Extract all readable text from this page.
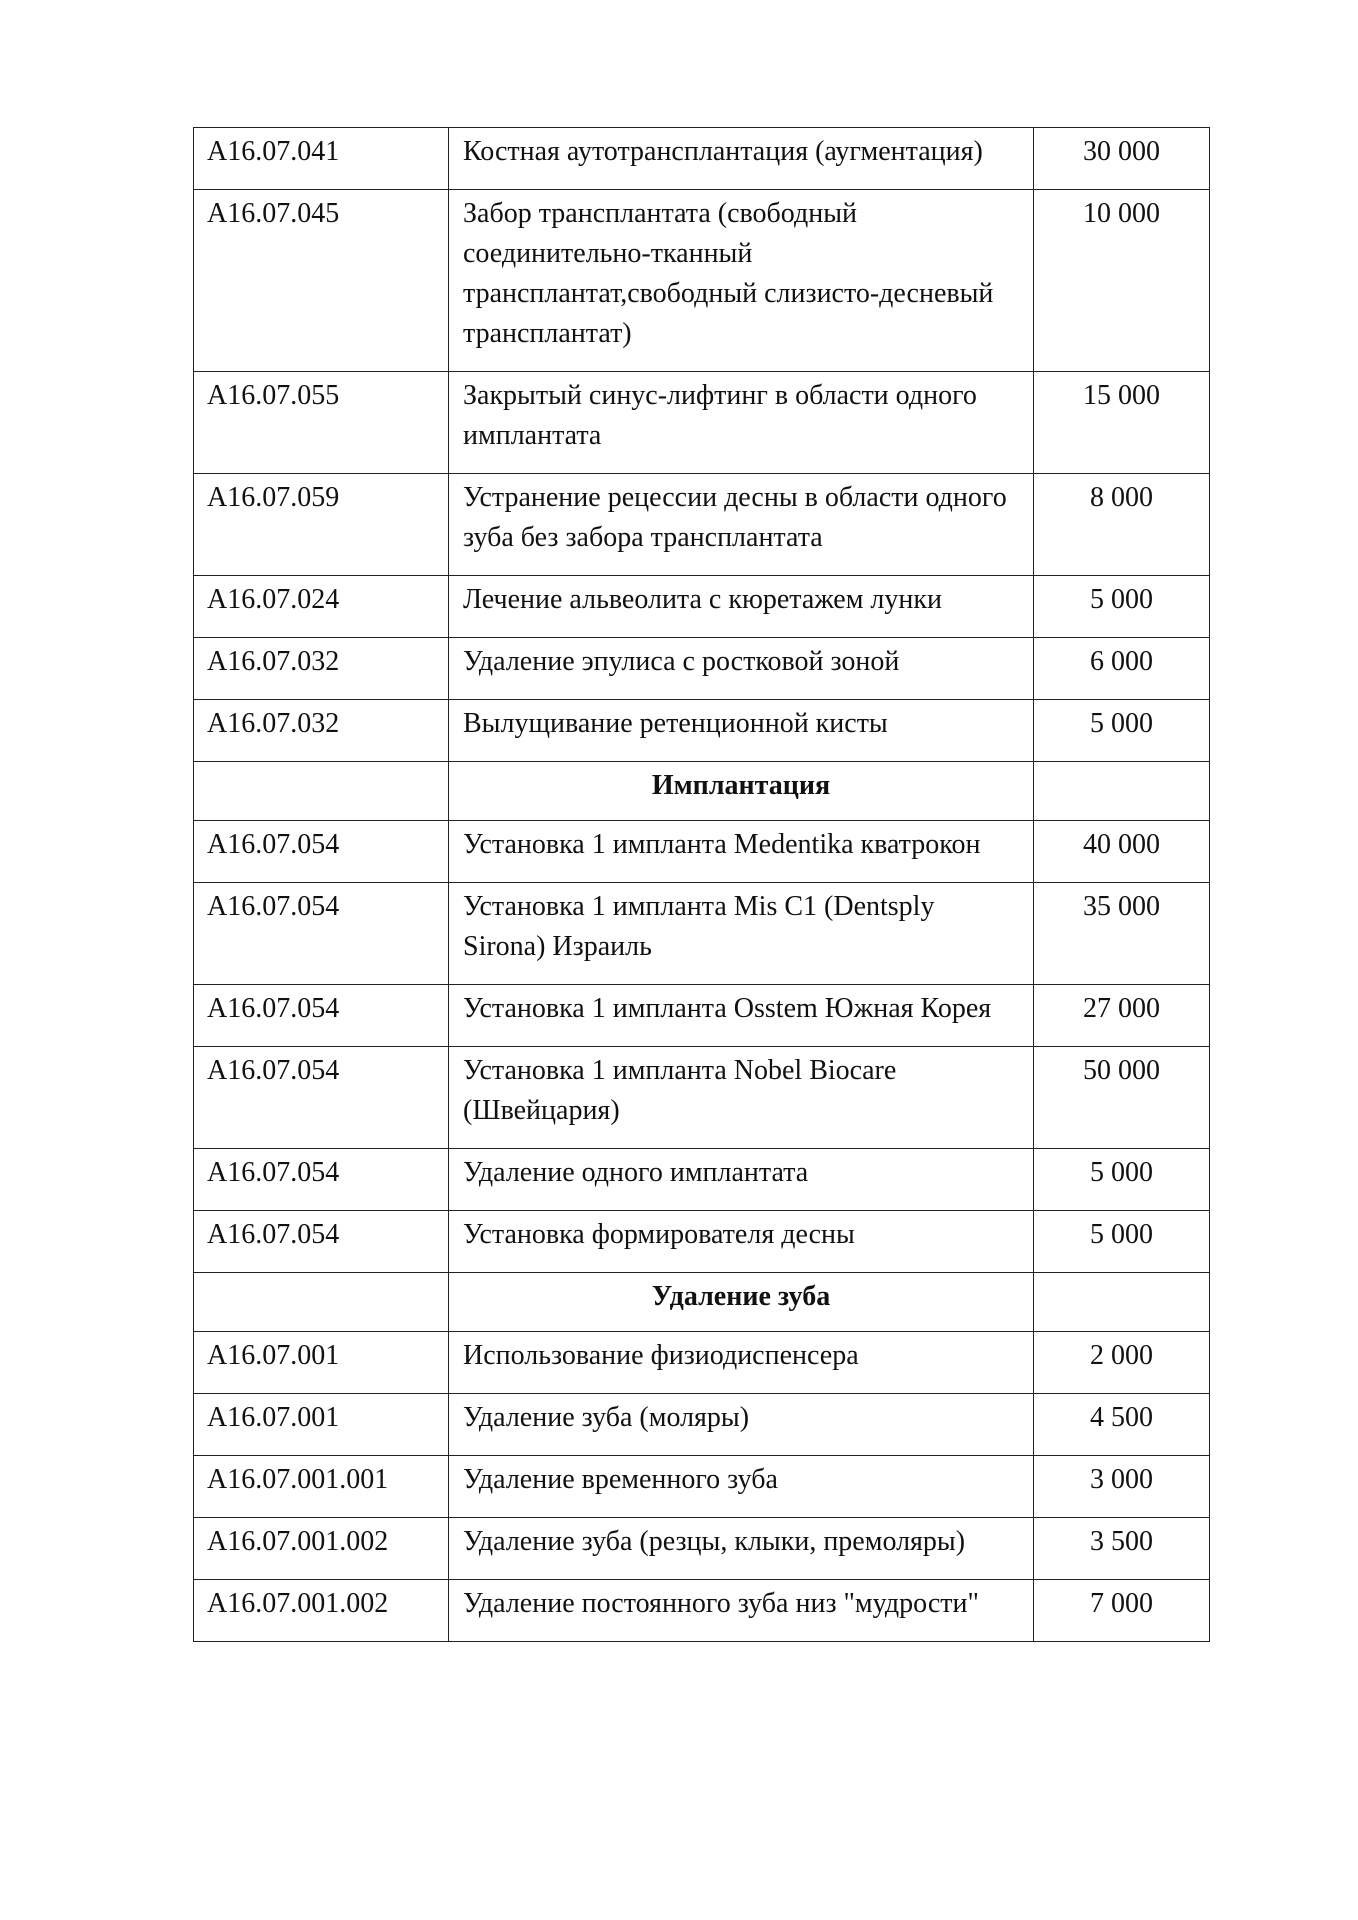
А16.07.041	Костная аутотрансплантация (аугментация)	30 000
А16.07.045	Забор трансплантата (свободный соединительно-тканный трансплантат,свободный слизисто-десневый трансплантат)	10 000
А16.07.055	Закрытый синус-лифтинг в области одного имплантата	15 000
А16.07.059	Устранение рецессии десны в области одного зуба без забора трансплантата	8 000
А16.07.024	Лечение альвеолита с кюретажем лунки	5 000
А16.07.032	Удаление эпулиса с ростковой зоной	6 000
А16.07.032	Вылущивание ретенционной кисты	5 000
	Имплантация	
А16.07.054	Установка 1 импланта Medentika кватрокон	40 000
А16.07.054	Установка 1 импланта Mis C1 (Dentsply Sirona) Израиль	35 000
А16.07.054	Установка 1 импланта Osstem Южная Корея	27 000
А16.07.054	Установка 1 импланта Nobel Biocare (Швейцария)	50 000
А16.07.054	Удаление одного имплантата	5 000
А16.07.054	Установка формирователя десны	5 000
	Удаление зуба	
А16.07.001	Использование физиодиспенсера	2 000
А16.07.001	Удаление зуба (моляры)	4 500
А16.07.001.001	Удаление временного зуба	3 000
А16.07.001.002	Удаление зуба (резцы, клыки, премоляры)	3 500
А16.07.001.002	Удаление постоянного зуба низ "мудрости"	7 000
